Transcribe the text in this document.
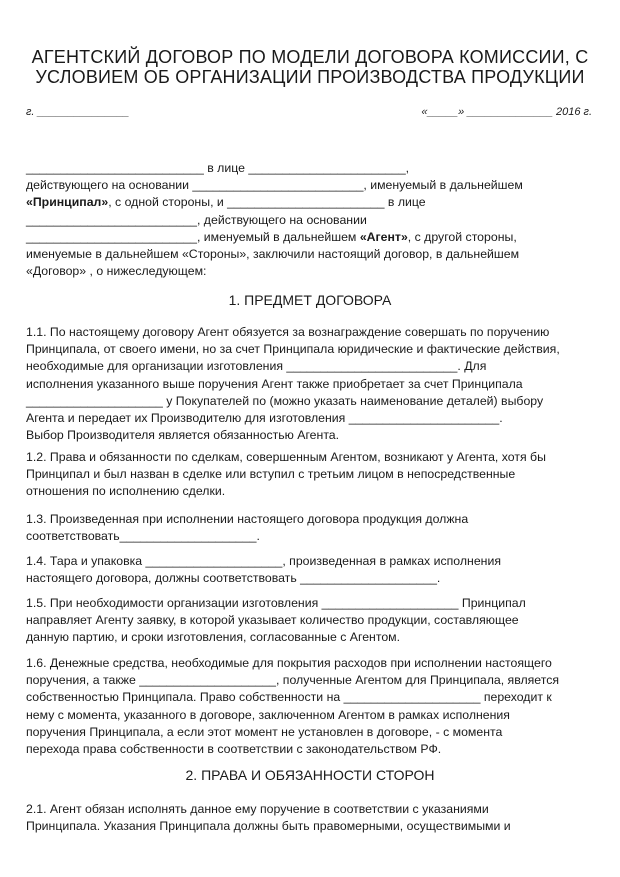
АГЕНТСКИЙ ДОГОВОР ПО МОДЕЛИ ДОГОВОРА КОМИССИИ, С
УСЛОВИЕМ ОБ ОРГАНИЗАЦИИ ПРОИЗВОДСТВА ПРОДУКЦИИ
г. _______________	«_____» ______________ 2016 г.
__________________________ в лице _______________________,
действующего на основании _________________________, именуемый в дальнейшем
«Принципал», с одной стороны, и _______________________ в лице
_________________________, действующего на основании
_________________________, именуемый в дальнейшем «Агент», с другой стороны,
именуемые в дальнейшем «Стороны», заключили настоящий договор, в дальнейшем
«Договор» , о нижеследующем:
1. ПРЕДМЕТ ДОГОВОРА
1.1. По настоящему договору Агент обязуется за вознаграждение совершать по поручению
Принципала, от своего имени, но за счет Принципала юридические и фактические действия,
необходимые для организации изготовления _________________________. Для
исполнения указанного выше поручения Агент также приобретает за счет Принципала
____________________ у Покупателей по (можно указать наименование деталей) выбору
Агента и передает их Производителю для изготовления ______________________.
Выбор Производителя является обязанностью Агента.
1.2. Права и обязанности по сделкам, совершенным Агентом, возникают у Агента, хотя бы
Принципал и был назван в сделке или вступил с третьим лицом в непосредственные
отношения по исполнению сделки.
1.3. Произведенная при исполнении настоящего договора продукция должна
соответствовать____________________.
1.4. Тара и упаковка ____________________, произведенная в рамках исполнения
настоящего договора, должны соответствовать ____________________.
1.5. При необходимости организации изготовления ____________________ Принципал
направляет Агенту заявку, в которой указывает количество продукции, составляющее
данную партию, и сроки изготовления, согласованные с Агентом.
1.6. Денежные средства, необходимые для покрытия расходов при исполнении настоящего
поручения, а также ____________________, полученные Агентом для Принципала, является
собственностью Принципала. Право собственности на ____________________ переходит к
нему с момента, указанного в договоре, заключенном Агентом в рамках исполнения
поручения Принципала, а если этот момент не установлен в договоре, - с момента
перехода права собственности в соответствии с законодательством РФ.
2. ПРАВА И ОБЯЗАННОСТИ СТОРОН
2.1. Агент обязан исполнять данное ему поручение в соответствии с указаниями
Принципала. Указания Принципала должны быть правомерными, осуществимыми и
